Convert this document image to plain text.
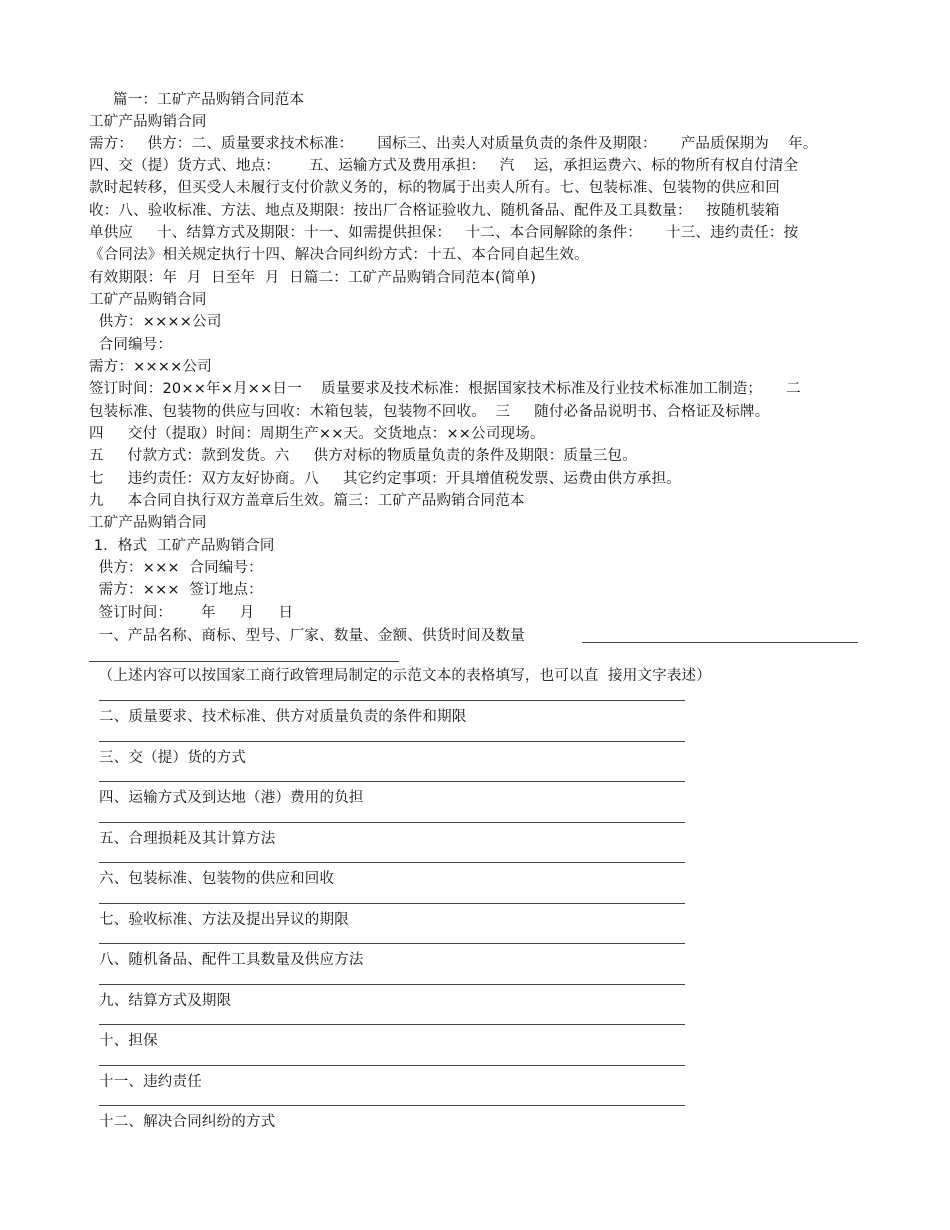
篇一：工矿产品购销合同范本
工矿产品购销合同
需方：   供方：二、质量要求技术标准：     国标三、出卖人对质量负责的条件及期限：     产品质保期为    年。
四、交（提）货方式、地点：      五、运输方式及费用承担：   汽    运，承担运费六、标的物所有权自付清全
款时起转移，但买受人未履行支付价款义务的，标的物属于出卖人所有。七、包装标准、包装物的供应和回
收：八、验收标准、方法、地点及期限：按出厂合格证验收九、随机备品、配件及工具数量：   按随机装箱
单供应     十、结算方式及期限：十一、如需提供担保：   十二、本合同解除的条件：     十三、违约责任：按
《合同法》相关规定执行十四、解决合同纠纷方式：十五、本合同自起生效。
有效期限：年  月  日至年  月  日篇二：工矿产品购销合同范本(简单)
工矿产品购销合同
供方：××××公司
合同编号：
需方：××××公司
签订时间：20××年×月××日一    质量要求及技术标准：根据国家技术标准及行业技术标准加工制造；     二
包装标准、包装物的供应与回收：木箱包装，包装物不回收。  三     随付必备品说明书、合格证及标牌。
四     交付（提取）时间：周期生产××天。交货地点：××公司现场。
五     付款方式：款到发货。六     供方对标的物质量负责的条件及期限：质量三包。
七     违约责任：双方友好协商。八     其它约定事项：开具增值税发票、运费由供方承担。
九     本合同自执行双方盖章后生效。篇三：工矿产品购销合同范本
工矿产品购销合同
1．格式  工矿产品购销合同
供方：×××  合同编号：
需方：×××  签订地点：
签订时间：      年     月     日
一、产品名称、商标、型号、厂家、数量、金额、供货时间及数量
（上述内容可以按国家工商行政管理局制定的示范文本的表格填写，也可以直  接用文字表述）
二、质量要求、技术标准、供方对质量负责的条件和期限
三、交（提）货的方式
四、运输方式及到达地（港）费用的负担
五、合理损耗及其计算方法
六、包装标准、包装物的供应和回收
七、验收标准、方法及提出异议的期限
八、随机备品、配件工具数量及供应方法
九、结算方式及期限
十、担保
十一、违约责任
十二、解决合同纠纷的方式
